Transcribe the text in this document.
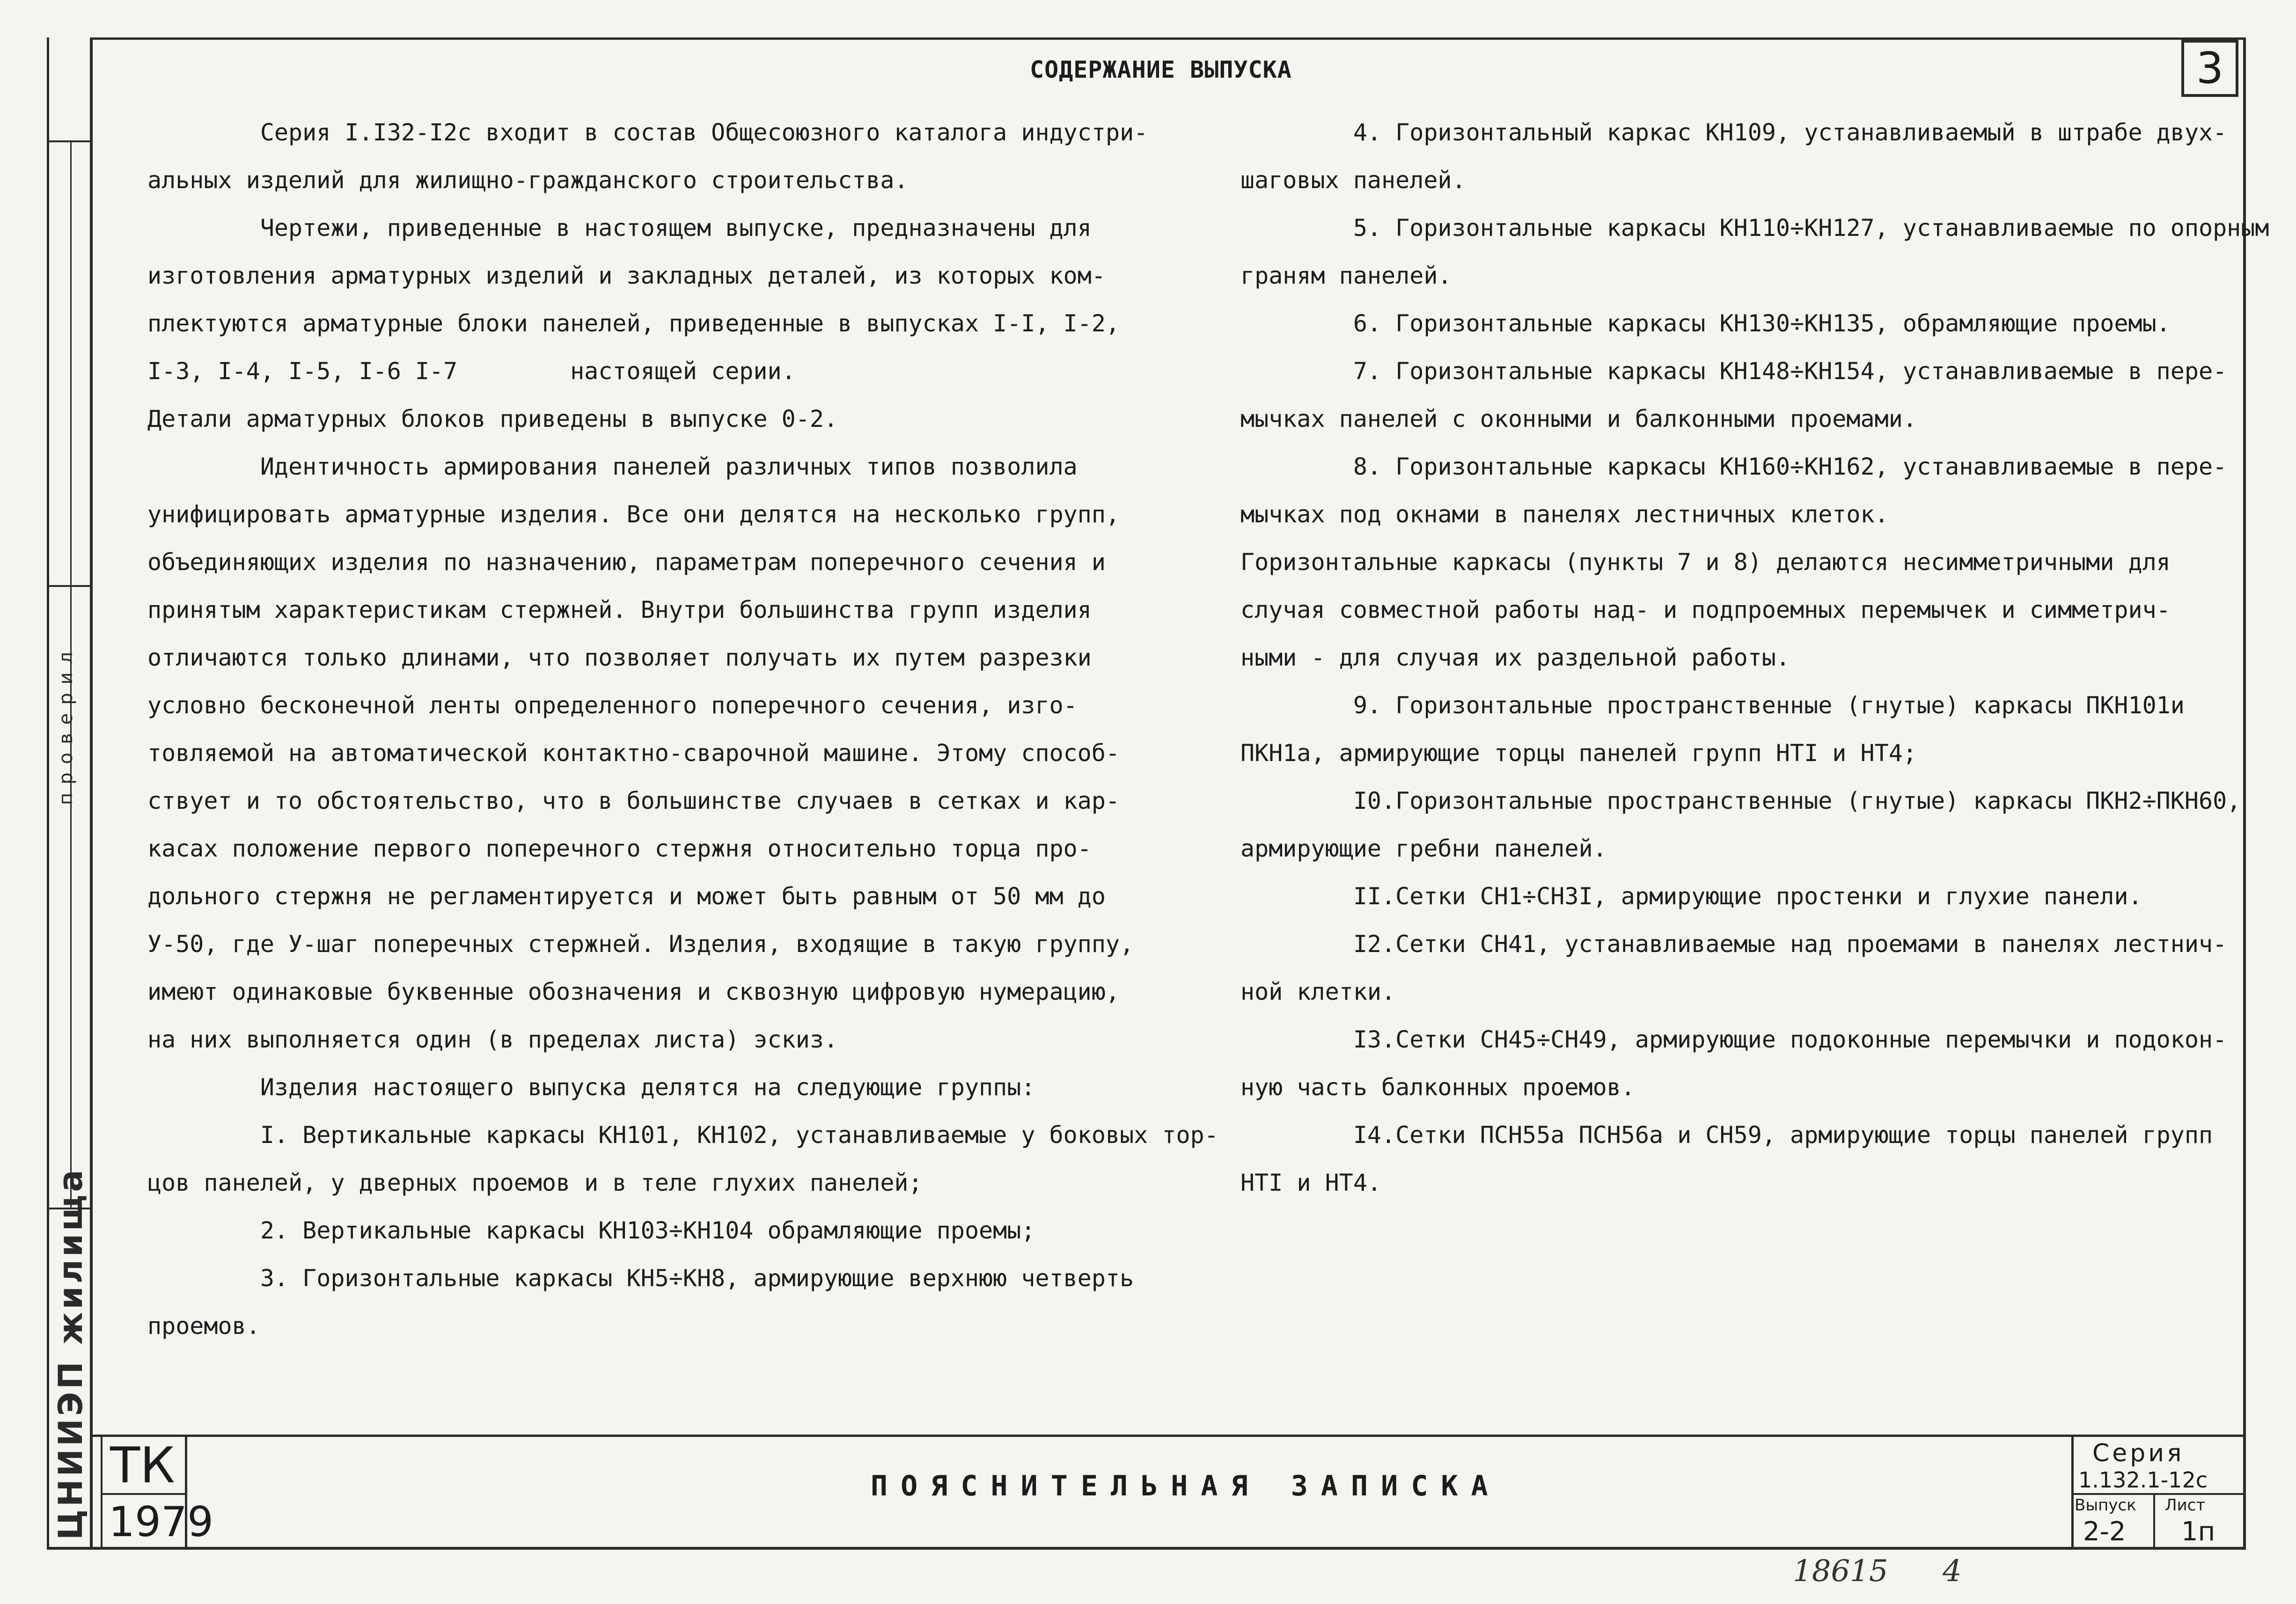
ЦНИИЭП жилища
проверил
СОДЕРЖАНИЕ ВЫПУСКА	3

Серия I.I32-I2с входит в состав Общесоюзного каталога индустри-

альных изделий для жилищно-гражданского строительства.

Чертежи, приведенные в настоящем выпуске, предназначены для

изготовления арматурных изделий и закладных деталей, из которых ком-

плектуются арматурные блоки панелей, приведенные в выпусках I-I, I-2,

I-3, I-4, I-5, I-6 I-7        настоящей серии.

Детали арматурных блоков приведены в выпуске 0-2.

Идентичность армирования панелей различных типов позволила

унифицировать арматурные изделия. Все они делятся на несколько групп,

объединяющих изделия по назначению, параметрам поперечного сечения и

принятым характеристикам стержней. Внутри большинства групп изделия

отличаются только длинами, что позволяет получать их путем разрезки

условно бесконечной ленты определенного поперечного сечения, изго-

товляемой на автоматической контактно-сварочной машине. Этому способ-

ствует и то обстоятельство, что в большинстве случаев в сетках и кар-

касах положение первого поперечного стержня относительно торца про-

дольного стержня не регламентируется и может быть равным от 50 мм до

У-50, где У-шаг поперечных стержней. Изделия, входящие в такую группу,

имеют одинаковые буквенные обозначения и сквозную цифровую нумерацию,

на них выполняется один (в пределах листа) эскиз.

Изделия настоящего выпуска делятся на следующие группы:

I. Вертикальные каркасы КН101, КН102, устанавливаемые у боковых тор-

цов панелей, у дверных проемов и в теле глухих панелей;

2. Вертикальные каркасы КН103÷КН104 обрамляющие проемы;

3. Горизонтальные каркасы КН5÷КН8, армирующие верхнюю четверть

проемов.

4. Горизонтальный каркас КН109, устанавливаемый в штрабе двух-

шаговых панелей.

5. Горизонтальные каркасы КН110÷КН127, устанавливаемые по опорным

граням панелей.

6. Горизонтальные каркасы КН130÷КН135, обрамляющие проемы.

7. Горизонтальные каркасы КН148÷КН154, устанавливаемые в пере-

мычках панелей с оконными и балконными проемами.

8. Горизонтальные каркасы КН160÷КН162, устанавливаемые в пере-

мычках под окнами в панелях лестничных клеток.

Горизонтальные каркасы (пункты 7 и 8) делаются несимметричными для

случая совместной работы над- и подпроемных перемычек и симметрич-

ными - для случая их раздельной работы.

9. Горизонтальные пространственные (гнутые) каркасы ПКН101и

ПКН1а, армирующие торцы панелей групп НТI и НТ4;

I0.Горизонтальные пространственные (гнутые) каркасы ПКН2÷ПКН60,

армирующие гребни панелей.

II.Сетки СН1÷СН3I, армирующие простенки и глухие панели.

I2.Сетки СН41, устанавливаемые над проемами в панелях лестнич-

ной клетки.

I3.Сетки СН45÷СН49, армирующие подоконные перемычки и подокон-

ную часть балконных проемов.

I4.Сетки ПСН55а ПСН56а и СН59, армирующие торцы панелей групп

НТI и НТ4.

ТК
1979
ПОЯСНИТЕЛЬНАЯ ЗАПИСКА
Серия
1.132.1-12с
Выпуск
2-2
Лист
1п
18615 4
